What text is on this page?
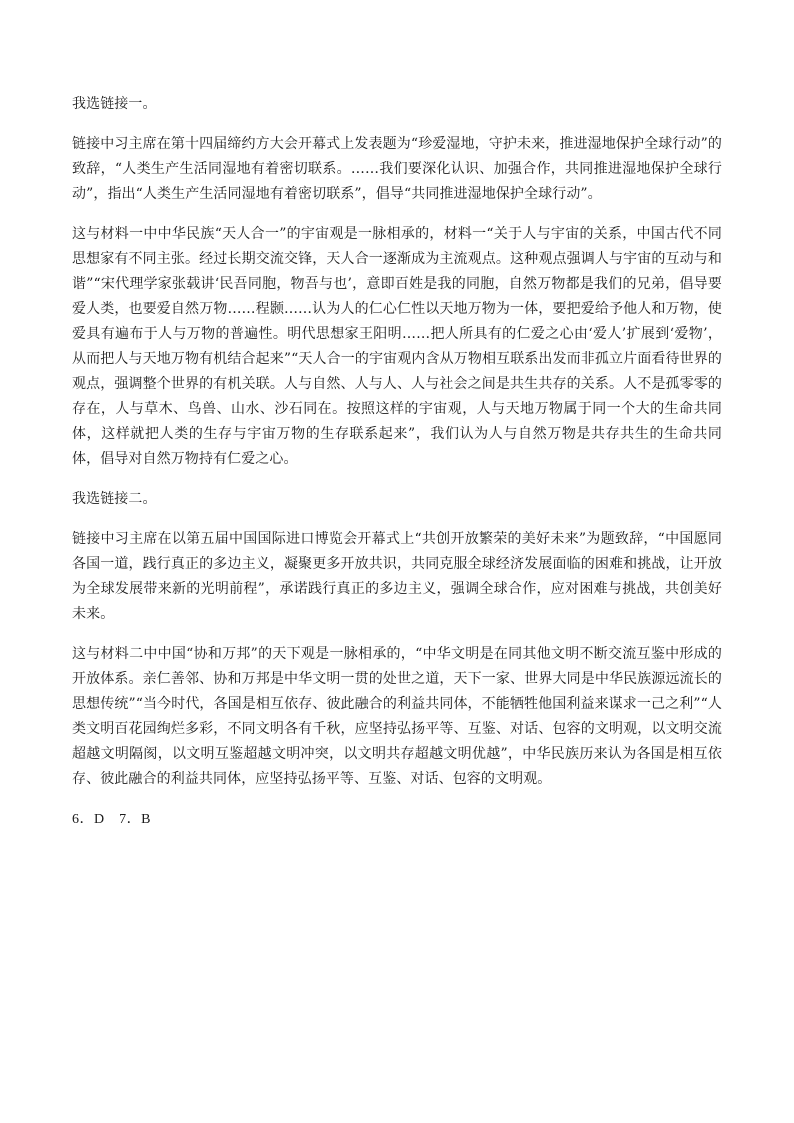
我选链接一。

链接中习主席在第十四届缔约方大会开幕式上发表题为“珍爱湿地，守护未来，推进湿地保护全球行动”的致辞，“人类生产生活同湿地有着密切联系。……我们要深化认识、加强合作，共同推进湿地保护全球行动”，指出“人类生产生活同湿地有着密切联系”，倡导“共同推进湿地保护全球行动”。

这与材料一中中华民族“天人合一”的宇宙观是一脉相承的，材料一“关于人与宇宙的关系，中国古代不同思想家有不同主张。经过长期交流交锋，天人合一逐渐成为主流观点。这种观点强调人与宇宙的互动与和谐”“宋代理学家张载讲‘民吾同胞，物吾与也’，意即百姓是我的同胞，自然万物都是我们的兄弟，倡导要爱人类，也要爱自然万物……程颢……认为人的仁心仁性以天地万物为一体，要把爱给予他人和万物，使爱具有遍布于人与万物的普遍性。明代思想家王阳明……把人所具有的仁爱之心由‘爱人’扩展到‘爱物’，从而把人与天地万物有机结合起来”“天人合一的宇宙观内含从万物相互联系出发而非孤立片面看待世界的观点，强调整个世界的有机关联。人与自然、人与人、人与社会之间是共生共存的关系。人不是孤零零的存在，人与草木、鸟兽、山水、沙石同在。按照这样的宇宙观，人与天地万物属于同一个大的生命共同体，这样就把人类的生存与宇宙万物的生存联系起来”，我们认为人与自然万物是共存共生的生命共同体，倡导对自然万物持有仁爱之心。

我选链接二。

链接中习主席在以第五届中国国际进口博览会开幕式上“共创开放繁荣的美好未来”为题致辞，“中国愿同各国一道，践行真正的多边主义，凝聚更多开放共识，共同克服全球经济发展面临的困难和挑战，让开放为全球发展带来新的光明前程”，承诺践行真正的多边主义，强调全球合作，应对困难与挑战，共创美好未来。

这与材料二中中国“协和万邦”的天下观是一脉相承的，“中华文明是在同其他文明不断交流互鉴中形成的开放体系。亲仁善邻、协和万邦是中华文明一贯的处世之道，天下一家、世界大同是中华民族源远流长的思想传统”“当今时代，各国是相互依存、彼此融合的利益共同体，不能牺牲他国利益来谋求一己之利”“人类文明百花园绚烂多彩，不同文明各有千秋，应坚持弘扬平等、互鉴、对话、包容的文明观，以文明交流超越文明隔阂，以文明互鉴超越文明冲突，以文明共存超越文明优越”，中华民族历来认为各国是相互依存、彼此融合的利益共同体，应坚持弘扬平等、互鉴、对话、包容的文明观。

6．D　7．B
